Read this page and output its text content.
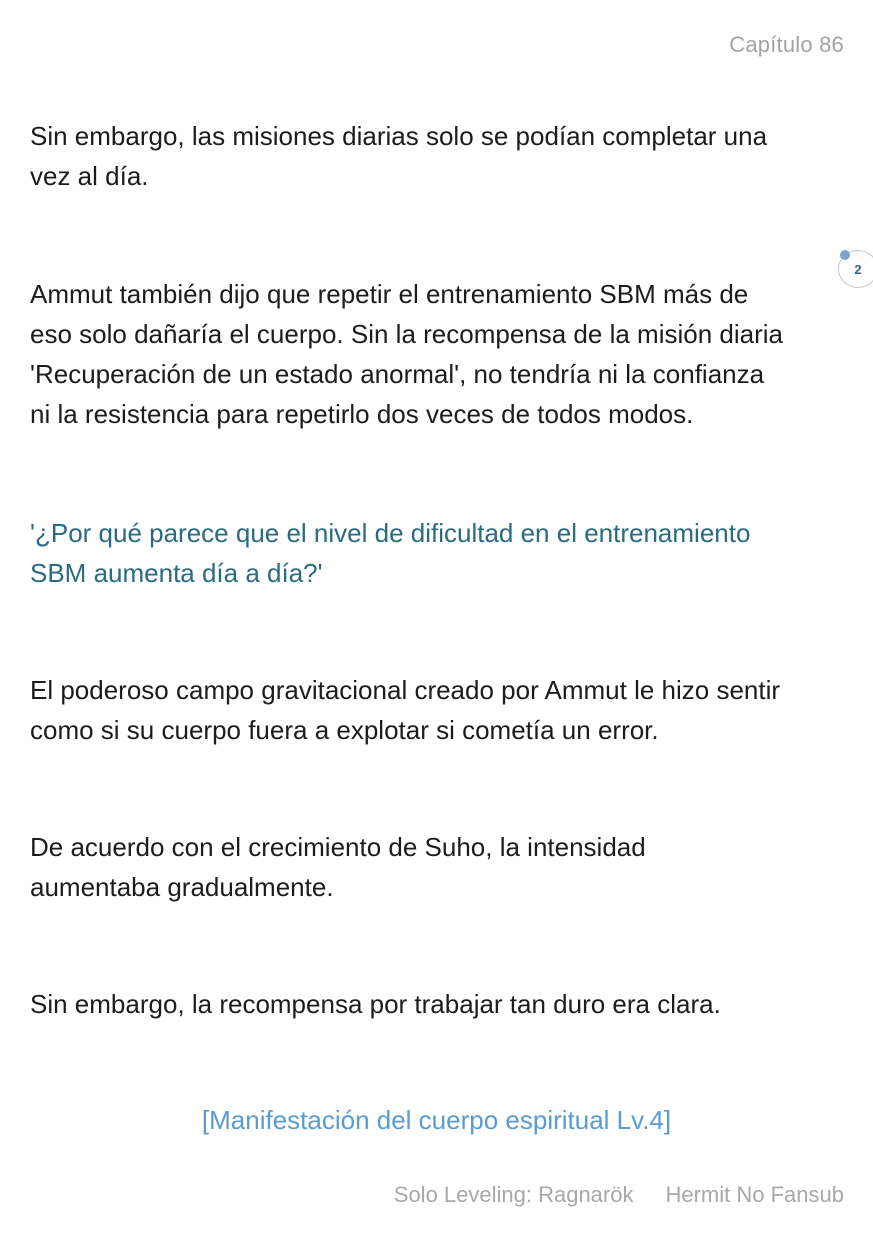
Capítulo 86

Sin embargo, las misiones diarias solo se podían completar una
vez al día.

Ammut también dijo que repetir el entrenamiento SBM más de
eso solo dañaría el cuerpo. Sin la recompensa de la misión diaria
'Recuperación de un estado anormal', no tendría ni la confianza
ni la resistencia para repetirlo dos veces de todos modos.

'¿Por qué parece que el nivel de dificultad en el entrenamiento
SBM aumenta día a día?'

El poderoso campo gravitacional creado por Ammut le hizo sentir
como si su cuerpo fuera a explotar si cometía un error.

De acuerdo con el crecimiento de Suho, la intensidad
aumentaba gradualmente.

Sin embargo, la recompensa por trabajar tan duro era clara.

[Manifestación del cuerpo espiritual Lv.4]
2
Solo Leveling: Ragnarök Hermit No Fansub
